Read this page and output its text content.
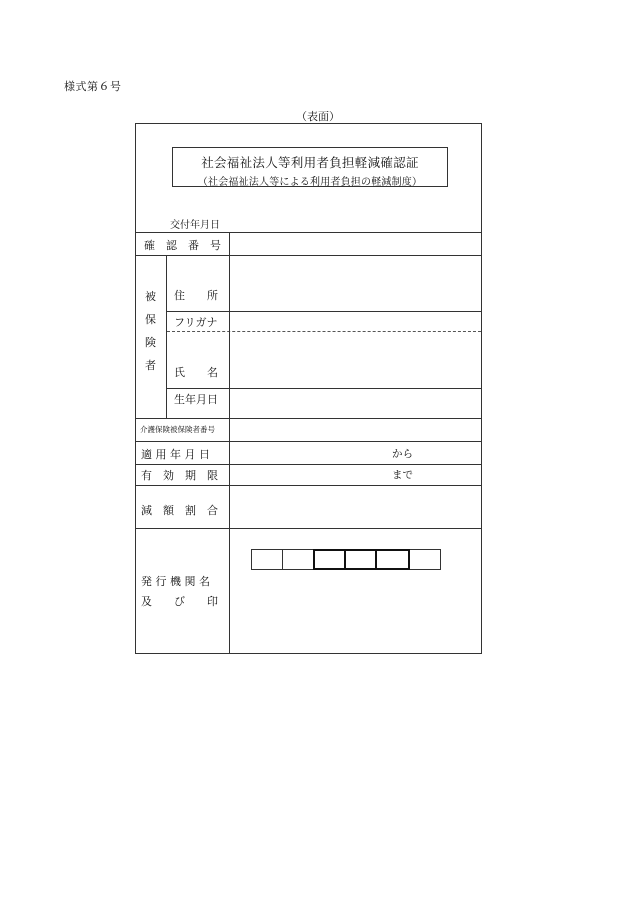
様式第６号
（表面）
社会福祉法人等利用者負担軽減確認証
（社会福祉法人等による利用者負担の軽減制度）
交付年月日
確　認　番　号
被
保
険
者
住　　所
フリガナ
氏　　名
生年月日
介護保険被保険者番号
適 用 年 月 日	から
有　効　期　限	まで
減　額　割　合
発 行 機 関 名
及　　び　　印
